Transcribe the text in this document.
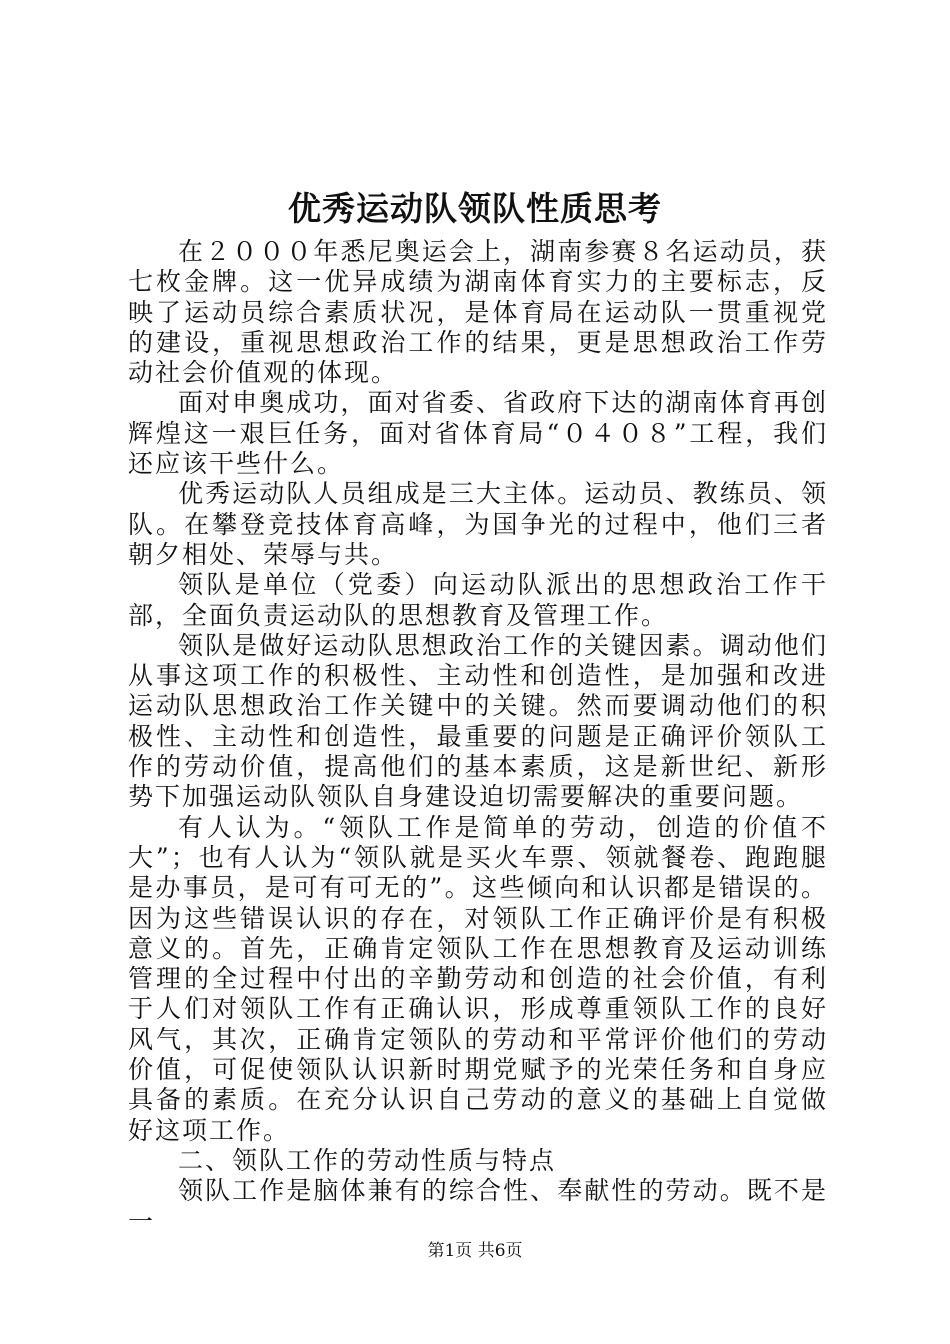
优秀运动队领队性质思考

在２０００年悉尼奥运会上，湖南参赛８名运动员，获七枚金牌。这一优异成绩为湖南体育实力的主要标志，反映了运动员综合素质状况，是体育局在运动队一贯重视党的建设，重视思想政治工作的结果，更是思想政治工作劳动社会价值观的体现。

面对申奥成功，面对省委、省政府下达的湖南体育再创辉煌这一艰巨任务，面对省体育局“０４０８”工程，我们还应该干些什么。

优秀运动队人员组成是三大主体。运动员、教练员、领队。在攀登竞技体育高峰，为国争光的过程中，他们三者朝夕相处、荣辱与共。

领队是单位（党委）向运动队派出的思想政治工作干部，全面负责运动队的思想教育及管理工作。

领队是做好运动队思想政治工作的关键因素。调动他们从事这项工作的积极性、主动性和创造性，是加强和改进运动队思想政治工作关键中的关键。然而要调动他们的积极性、主动性和创造性，最重要的问题是正确评价领队工作的劳动价值，提高他们的基本素质，这是新世纪、新形势下加强运动队领队自身建设迫切需要解决的重要问题。

有人认为。“领队工作是简单的劳动，创造的价值不大”；也有人认为“领队就是买火车票、领就餐卷、跑跑腿是办事员，是可有可无的”。这些倾向和认识都是错误的。因为这些错误认识的存在，对领队工作正确评价是有积极意义的。首先，正确肯定领队工作在思想教育及运动训练管理的全过程中付出的辛勤劳动和创造的社会价值，有利于人们对领队工作有正确认识，形成尊重领队工作的良好风气，其次，正确肯定领队的劳动和平常评价他们的劳动价值，可促使领队认识新时期党赋予的光荣任务和自身应具备的素质。在充分认识自己劳动的意义的基础上自觉做好这项工作。

二、领队工作的劳动性质与特点

领队工作是脑体兼有的综合性、奉献性的劳动。既不是一

第1页 共6页
